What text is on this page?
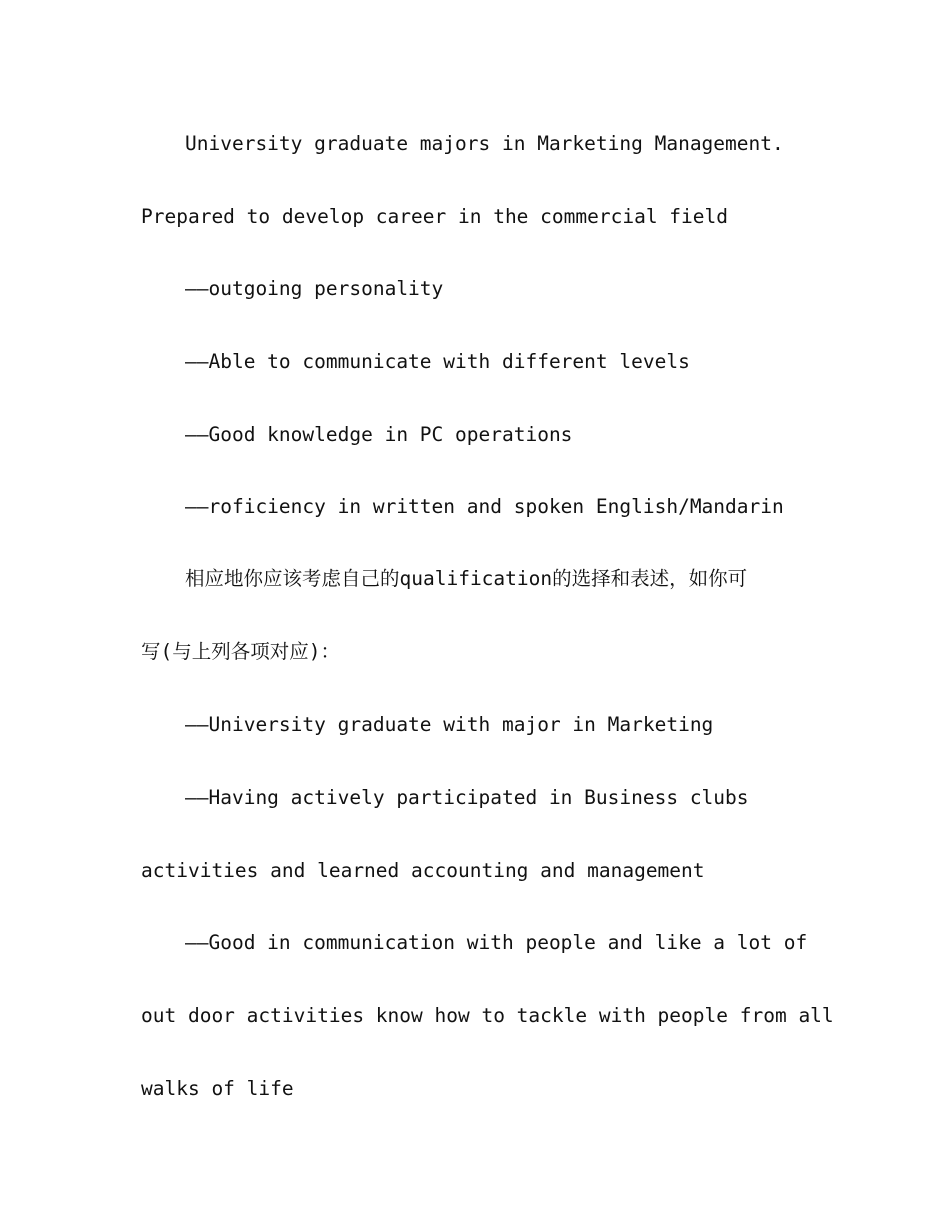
University graduate majors in Marketing Management.
Prepared to develop career in the commercial field
——outgoing personality
——Able to communicate with different levels
——Good knowledge in PC operations
——roficiency in written and spoken English/Mandarin
相应地你应该考虑自己的qualification的选择和表述，如你可
写(与上列各项对应)：
——University graduate with major in Marketing
——Having actively participated in Business clubs
activities and learned accounting and management
——Good in communication with people and like a lot of
out door activities know how to tackle with people from all
walks of life
